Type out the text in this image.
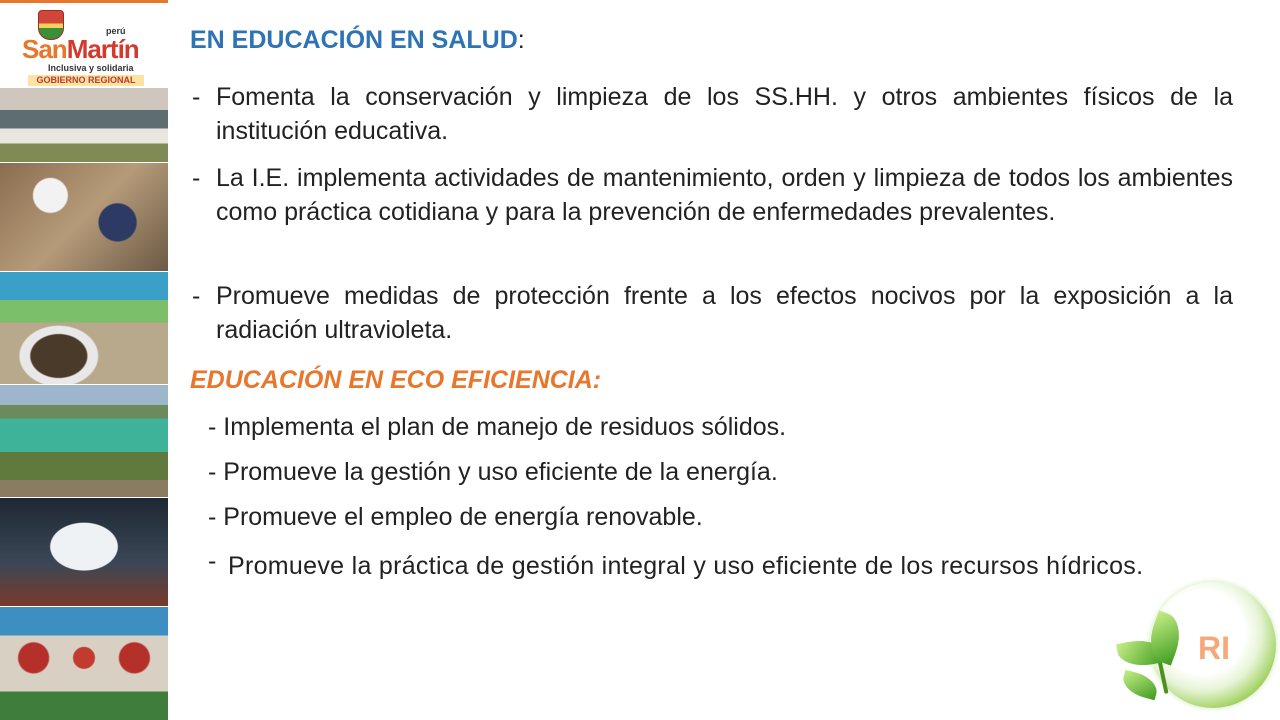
perú
SanMartín
Inclusiva y solidaria
GOBIERNO REGIONAL
EN EDUCACIÓN EN SALUD:
- Fomenta la conservación y limpieza de los SS.HH. y otros ambientes físicos de la institución educativa.
- La I.E. implementa actividades de mantenimiento, orden y limpieza de todos los ambientes como práctica cotidiana y para la prevención de enfermedades prevalentes.
- Promueve medidas de protección frente a los efectos nocivos por la exposición a la radiación ultravioleta.
EDUCACIÓN EN ECO EFICIENCIA:
- Implementa el plan de manejo de residuos sólidos.
- Promueve la gestión y uso eficiente de la energía.
- Promueve el empleo de energía renovable.
- Promueve la práctica de gestión integral y uso eficiente de los recursos hídricos.
RI
